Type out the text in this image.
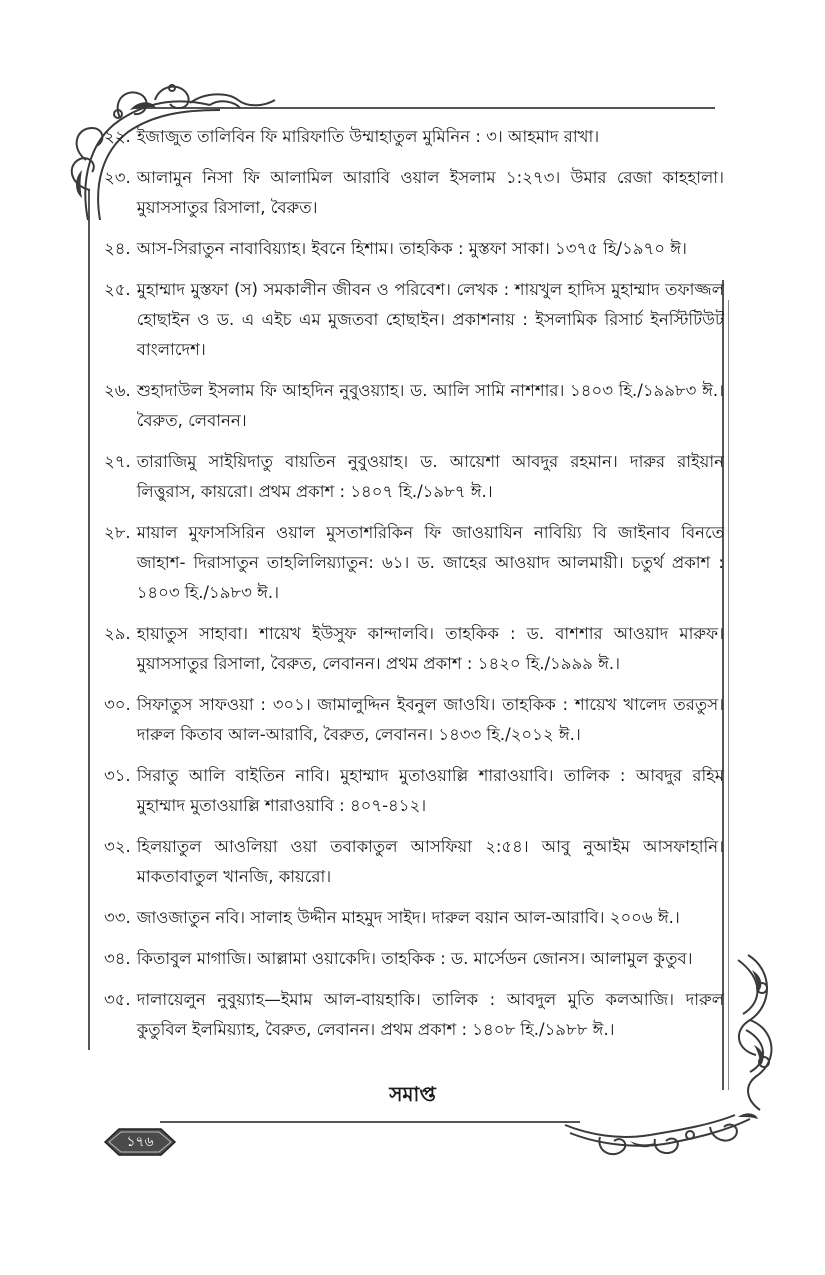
২২. ইজাজুত তালিবিন ফি মারিফাতি উম্মাহাতুল মুমিনিন : ৩। আহমাদ রাখা।
২৩. আলামুন নিসা ফি আলামিল আরাবি ওয়াল ইসলাম ১:২৭৩। উমার রেজা কাহহালা। মুয়াসসাতুর রিসালা, বৈরুত।
২৪. আস-সিরাতুন নাবাবিয়্যাহ। ইবনে হিশাম। তাহকিক : মুস্তফা সাকা। ১৩৭৫ হি/১৯৭০ ঈ।
২৫. মুহাম্মাদ মুস্তফা (স) সমকালীন জীবন ও পরিবেশ। লেখক : শায়খুল হাদিস মুহাম্মাদ তফাজ্জল হোছাইন ও ড. এ এইচ এম মুজতবা হোছাইন। প্রকাশনায় : ইসলামিক রিসার্চ ইনস্টিটিউট বাংলাদেশ।
২৬. শুহাদাউল ইসলাম ফি আহদিন নুবুওয়্যাহ। ড. আলি সামি নাশশার। ১৪০৩ হি./১৯৯৮৩ ঈ.। বৈরুত, লেবানন।
২৭. তারাজিমু সাইয়িদাতু বায়তিন নুবুওয়াহ। ড. আয়েশা আবদুর রহমান। দারুর রাইয়ান লিত্তুরাস, কায়রো। প্রথম প্রকাশ : ১৪০৭ হি./১৯৮৭ ঈ.।
২৮. মায়াল মুফাসসিরিন ওয়াল মুসতাশরিকিন ফি জাওয়াযিন নাবিয়্যি বি জাইনাব বিনতে জাহাশ- দিরাসাতুন তাহলিলিয়্যাতুন: ৬১। ড. জাহের আওয়াদ আলমায়ী। চতুর্থ প্রকাশ : ১৪০৩ হি./১৯৮৩ ঈ.।
২৯. হায়াতুস সাহাবা। শায়েখ ইউসুফ কান্দালবি। তাহকিক : ড. বাশশার আওয়াদ মারুফ। মুয়াসসাতুর রিসালা, বৈরুত, লেবানন। প্রথম প্রকাশ : ১৪২০ হি./১৯৯৯ ঈ.।
৩০. সিফাতুস সাফওয়া : ৩০১। জামালুদ্দিন ইবনুল জাওযি। তাহকিক : শায়েখ খালেদ তরতুস। দারুল কিতাব আল-আরাবি, বৈরুত, লেবানন। ১৪৩৩ হি./২০১২ ঈ.।
৩১. সিরাতু আলি বাইতিন নাবি। মুহাম্মাদ মুতাওয়াল্লি শারাওয়াবি। তালিক : আবদুর রহিম মুহাম্মাদ মুতাওয়াল্লি শারাওয়াবি : ৪০৭-৪১২।
৩২. হিলয়াতুল আওলিয়া ওয়া তবাকাতুল আসফিয়া ২:৫৪। আবু নুআইম আসফাহানি। মাকতাবাতুল খানজি, কায়রো।
৩৩. জাওজাতুন নবি। সালাহ উদ্দীন মাহমুদ সাইদ। দারুল বয়ান আল-আরাবি। ২০০৬ ঈ.।
৩৪. কিতাবুল মাগাজি। আল্লামা ওয়াকেদি। তাহকিক : ড. মার্সেডন জোনস। আলামুল কুতুব।
৩৫. দালায়েলুন নুবুয়্যাহ—ইমাম আল-বায়হাকি। তালিক : আবদুল মুতি কলআজি। দারুল কুতুবিল ইলমিয়্যাহ, বৈরুত, লেবানন। প্রথম প্রকাশ : ১৪০৮ হি./১৯৮৮ ঈ.।
সমাপ্ত
১৭৬
